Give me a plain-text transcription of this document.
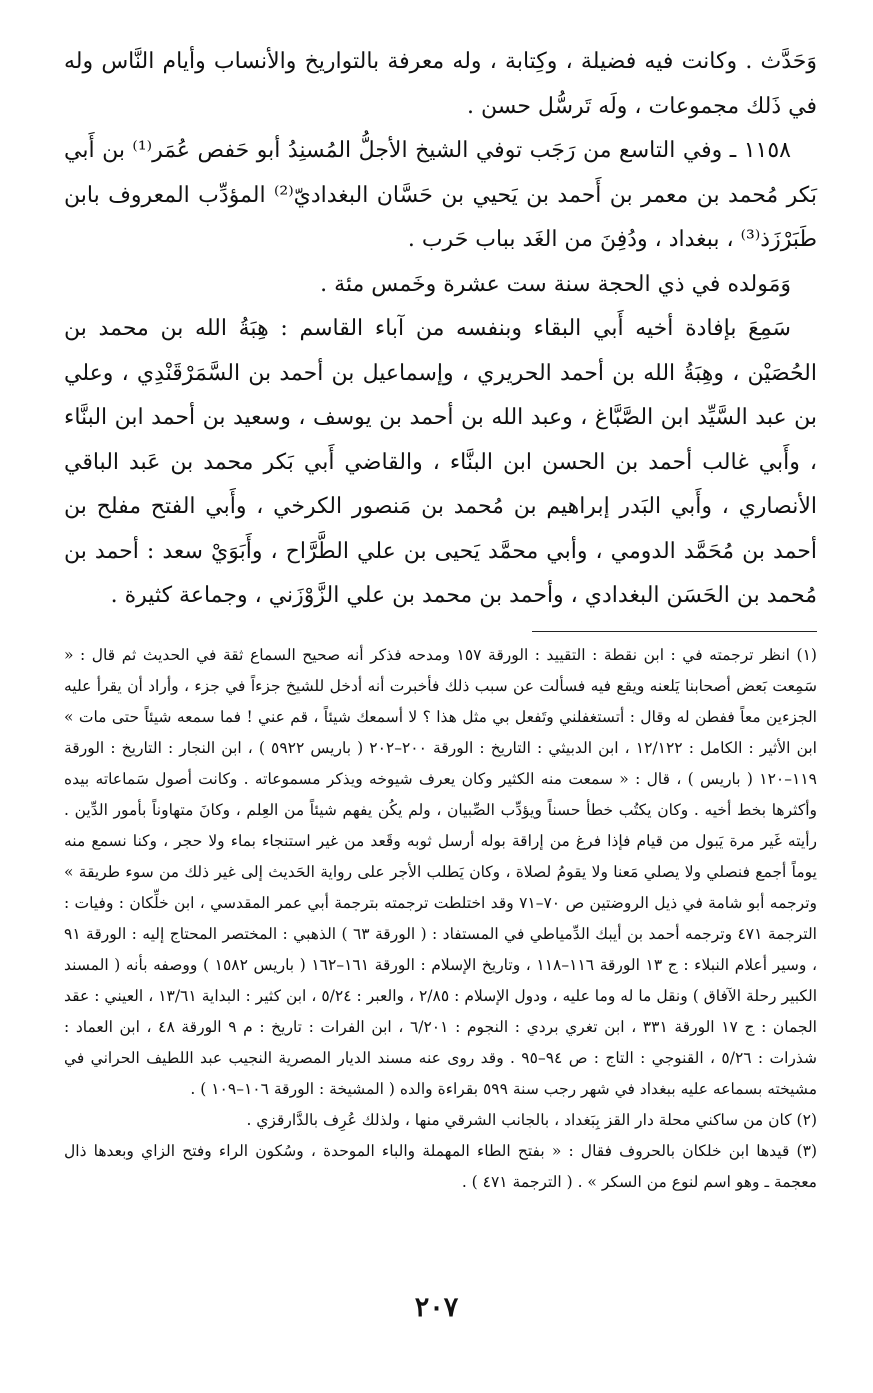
وَحَدَّث . وكانت فيه فضيلة ، وكِتابة ، وله معرفة بالتواريخ والأنساب وأيام النَّاس وله في ذَلك مجموعات ، ولَه تَرسُّل حسن .

١١٥٨ ـ وفي التاسع من رَجَب توفي الشيخ الأجلُّ المُسنِدُ أبو حَفص عُمَر⁽¹⁾ بن أَبي بَكر مُحمد بن معمر بن أَحمد بن يَحيي بن حَسَّان البغداديّ⁽²⁾ المؤدِّب المعروف بابن طَبَرْزَذ⁽³⁾ ، ببغداد ، ودُفِنَ من الغَد بباب حَرب .

وَمَولده في ذي الحجة سنة ست عشرة وخَمس مئة .

سَمِعَ بإفادة أخيه أَبي البقاء وبنفسه من آباء القاسم : هِبَةُ الله بن محمد بن الحُصَيْن ، وهِبَةُ الله بن أحمد الحريري ، وإسماعيل بن أحمد بن السَّمَرْقَنْدِي ، وعلي بن عبد السَّيِّد ابن الصَّبَّاغ ، وعبد الله بن أحمد بن يوسف ، وسعيد بن أحمد ابن البنَّاء ، وأَبي غالب أحمد بن الحسن ابن البنَّاء ، والقاضي أَبي بَكر محمد بن عَبد الباقي الأنصاري ، وأَبي البَدر إبراهيم بن مُحمد بن مَنصور الكرخي ، وأَبي الفتح مفلح بن أحمد بن مُحَمَّد الدومي ، وأبي محمَّد يَحيى بن علي الطَّرَّاح ، وأَبَوَيْ سعد : أحمد بن مُحمد بن الحَسَن البغدادي ، وأحمد بن محمد بن علي الزَّوْزَني ، وجماعة كثيرة .

(١) انظر ترجمته في : ابن نقطة : التقييد : الورقة ١٥٧ ومدحه فذكر أنه صحيح السماع ثقة في الحديث ثم قال : « سَمِعت بَعض أصحابنا يَلعنه ويقع فيه فسألت عن سبب ذلك فأخبرت أنه أدخل للشيخ جزءاً في جزء ، وأراد أن يقرأ عليه الجزءين معاً ففطن له وقال : أتستغفلني وتَفعل بي مثل هذا ؟ لا أسمعك شيئاً ، قم عني ! فما سمعه شيئاً حتى مات » ابن الأثير : الكامل : ١٢/١٢٢ ، ابن الدبيثي : التاريخ : الورقة ٢٠٠–٢٠٢ ( باريس ٥٩٢٢ ) ، ابن النجار : التاريخ : الورقة ١١٩–١٢٠ ( باريس ) ، قال : « سمعت منه الكثير وكان يعرف شيوخه ويذكر مسموعاته . وكانت أصول سَماعاته بيده وأكثرها بخط أخيه . وكان يكتُب خطأ حسناً ويؤدِّب الصِّبيان ، ولم يكُن يفهم شيئاً من العِلم ، وكانَ متهاوناً بأمور الدِّين . رأيته غَير مرة يَبول من قيام فإذا فرغ من إراقة بوله أرسل ثوبه وقَعد من غير استنجاء بماء ولا حجر ، وكنا نسمع منه يوماً أجمع فنصلي ولا يصلي مَعنا ولا يقومُ لصلاة ، وكان يَطلب الأجر على رواية الحَديث إلى غير ذلك من سوء طريقة » وترجمه أبو شامة في ذيل الروضتين ص ٧٠–٧١ وقد اختلطت ترجمته بترجمة أبي عمر المقدسي ، ابن خلِّكان : وفيات : الترجمة ٤٧١ وترجمه أحمد بن أيبك الدِّمياطي في المستفاد : ( الورقة ٦٣ ) الذهبي : المختصر المحتاج إليه : الورقة ٩١ ، وسير أعلام النبلاء : ج ١٣ الورقة ١١٦–١١٨ ، وتاريخ الإسلام : الورقة ١٦١–١٦٢ ( باريس ١٥٨٢ ) ووصفه بأنه ( المسند الكبير رحلة الآفاق ) ونقل ما له وما عليه ، ودول الإسلام : ٢/٨٥ ، والعبر : ٥/٢٤ ، ابن كثير : البداية ١٣/٦١ ، العيني : عقد الجمان : ج ١٧ الورقة ٣٣١ ، ابن تغري بردي : النجوم : ٦/٢٠١ ، ابن الفرات : تاريخ : م ٩ الورقة ٤٨ ، ابن العماد : شذرات : ٥/٢٦ ، القنوجي : التاج : ص ٩٤–٩٥ . وقد روى عنه مسند الديار المصرية النجيب عبد اللطيف الحراني في مشيخته بسماعه عليه ببغداد في شهر رجب سنة ٥٩٩ بقراءة والده ( المشيخة : الورقة ١٠٦–١٠٩ ) .

(٢) كان من ساكني محلة دار القز بِبَغداد ، بالجانب الشرقي منها ، ولذلك عُرِف بالدَّارقزي .

(٣) قيدها ابن خلكان بالحروف فقال : « بفتح الطاء المهملة والباء الموحدة ، وسُكون الراء وفتح الزاي وبعدها ذال معجمة ـ وهو اسم لنوع من السكر » . ( الترجمة ٤٧١ ) .

٢٠٧
